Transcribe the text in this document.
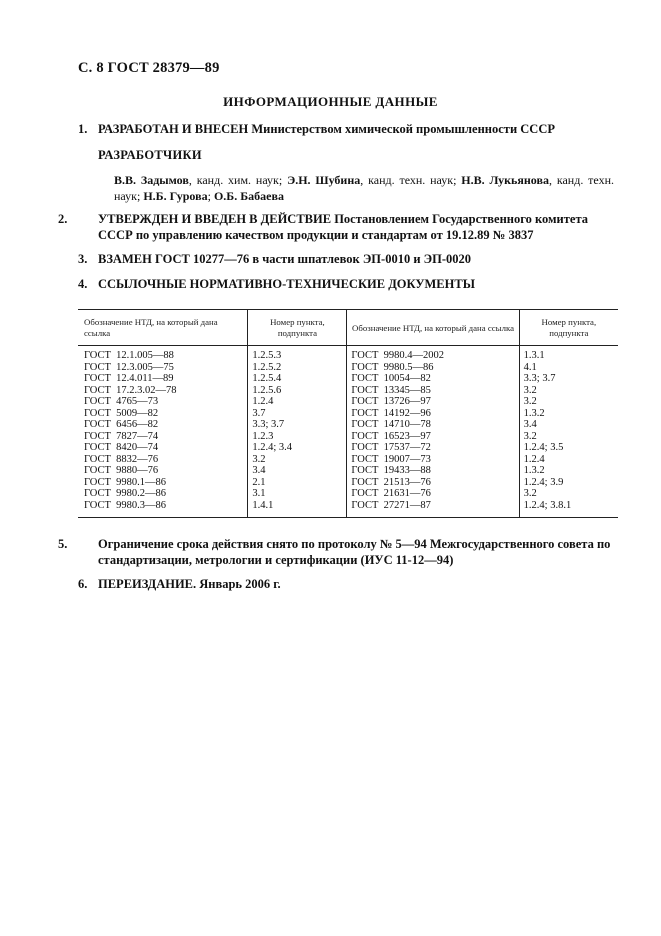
С. 8 ГОСТ 28379—89
ИНФОРМАЦИОННЫЕ ДАННЫЕ
1. РАЗРАБОТАН И ВНЕСЕН Министерством химической промышленности СССР
РАЗРАБОТЧИКИ
В.В. Задымов, канд. хим. наук; Э.Н. Шубина, канд. техн. наук; Н.В. Лукьянова, канд. техн. наук; Н.Б. Гурова; О.Б. Бабаева
2. УТВЕРЖДЕН И ВВЕДЕН В ДЕЙСТВИЕ Постановлением Государственного комитета СССР по управлению качеством продукции и стандартам от 19.12.89 № 3837
3. ВЗАМЕН ГОСТ 10277—76 в части шпатлевок ЭП-0010 и ЭП-0020
4. ССЫЛОЧНЫЕ НОРМАТИВНО-ТЕХНИЧЕСКИЕ ДОКУМЕНТЫ
Обозначение НТД, на который дана ссылка	Номер пункта, подпункта	Обозначение НТД, на который дана ссылка	Номер пункта, подпункта
ГОСТ  12.1.005—88	1.2.5.3	ГОСТ  9980.4—2002	1.3.1
ГОСТ  12.3.005—75	1.2.5.2	ГОСТ  9980.5—86	4.1
ГОСТ  12.4.011—89	1.2.5.4	ГОСТ  10054—82	3.3; 3.7
ГОСТ  17.2.3.02—78	1.2.5.6	ГОСТ  13345—85	3.2
ГОСТ  4765—73	1.2.4	ГОСТ  13726—97	3.2
ГОСТ  5009—82	3.7	ГОСТ  14192—96	1.3.2
ГОСТ  6456—82	3.3; 3.7	ГОСТ  14710—78	3.4
ГОСТ  7827—74	1.2.3	ГОСТ  16523—97	3.2
ГОСТ  8420—74	1.2.4; 3.4	ГОСТ  17537—72	1.2.4; 3.5
ГОСТ  8832—76	3.2	ГОСТ  19007—73	1.2.4
ГОСТ  9880—76	3.4	ГОСТ  19433—88	1.3.2
ГОСТ  9980.1—86	2.1	ГОСТ  21513—76	1.2.4; 3.9
ГОСТ  9980.2—86	3.1	ГОСТ  21631—76	3.2
ГОСТ  9980.3—86	1.4.1	ГОСТ  27271—87	1.2.4; 3.8.1
5. Ограничение срока действия снято по протоколу № 5—94 Межгосударственного совета по стандартизации, метрологии и сертификации (ИУС 11-12—94)
6. ПЕРЕИЗДАНИЕ. Январь 2006 г.
